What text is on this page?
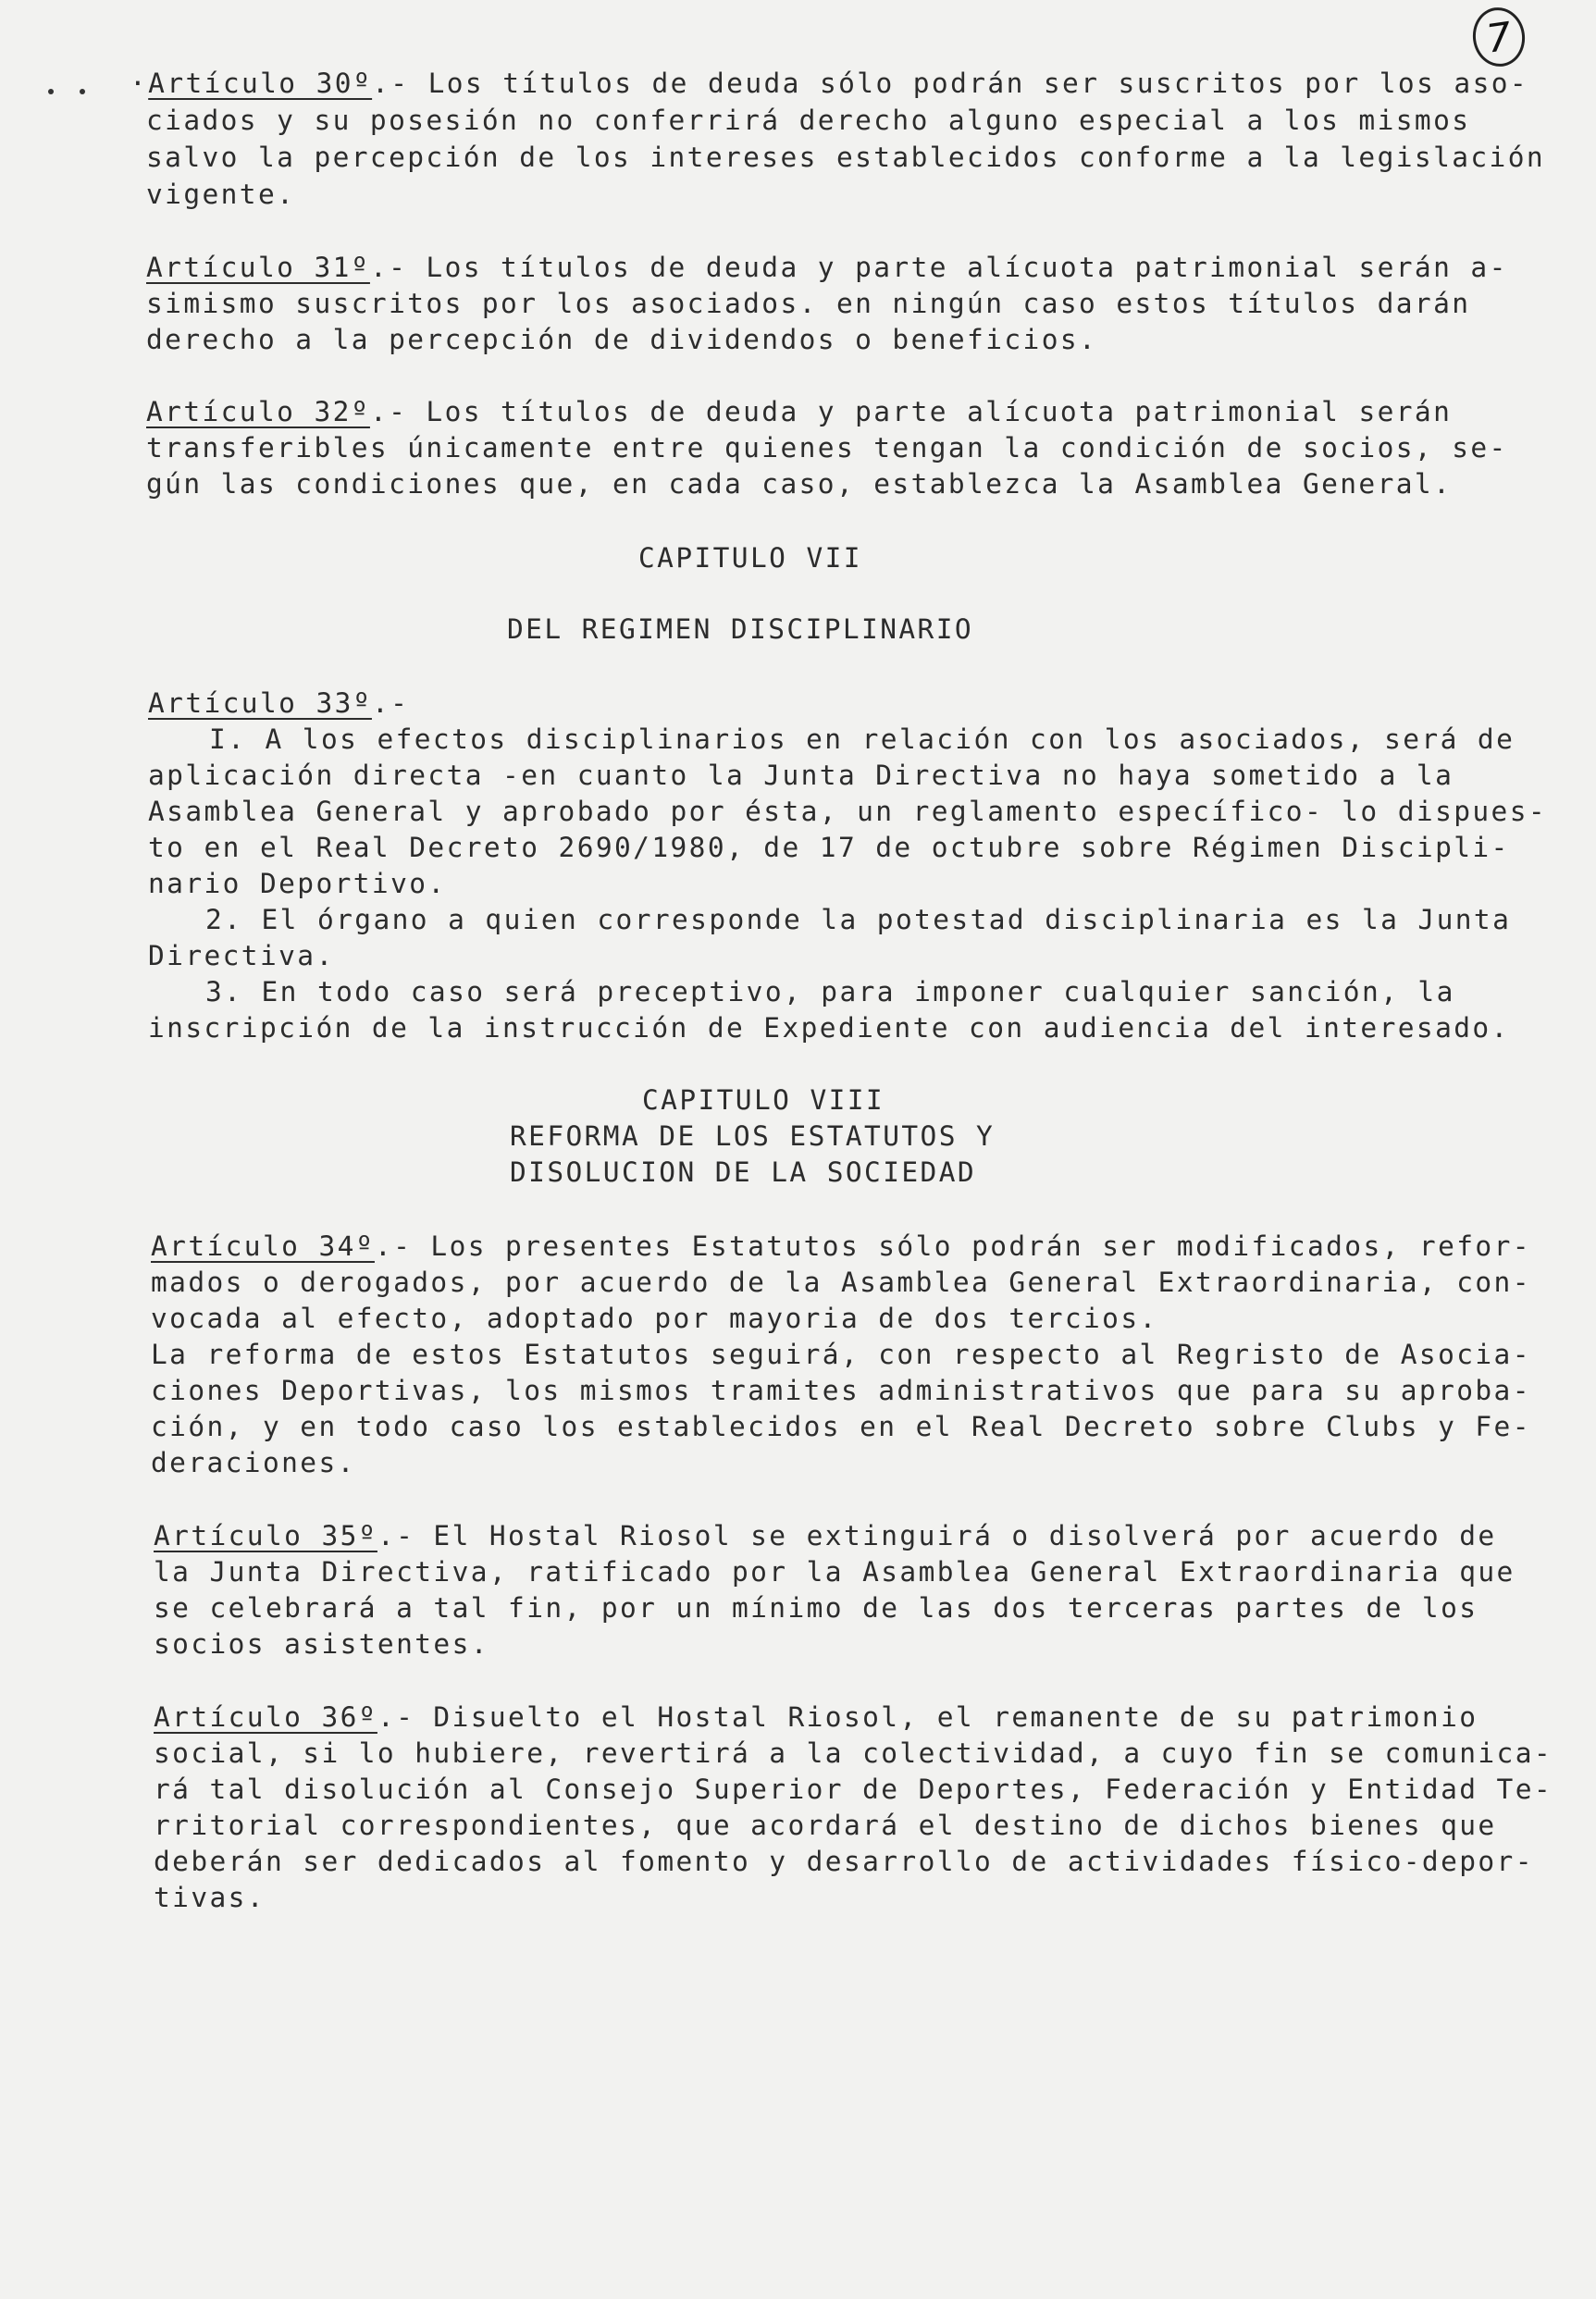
7
·Artículo 30º.- Los títulos de deuda sólo podrán ser suscritos por los aso-
ciados y su posesión no conferrirá derecho alguno especial a los mismos
salvo la percepción de los intereses establecidos conforme a la legislación
vigente.
Artículo 31º.- Los títulos de deuda y parte alícuota patrimonial serán a-
simismo suscritos por los asociados. en ningún caso estos títulos darán
derecho a la percepción de dividendos o beneficios.
Artículo 32º.- Los títulos de deuda y parte alícuota patrimonial serán
transferibles únicamente entre quienes tengan la condición de socios, se-
gún las condiciones que, en cada caso, establezca la Asamblea General.
CAPITULO VII
DEL REGIMEN DISCIPLINARIO
Artículo 33º.-
I. A los efectos disciplinarios en relación con los asociados, será de
aplicación directa -en cuanto la Junta Directiva no haya sometido a la
Asamblea General y aprobado por ésta, un reglamento específico- lo dispues-
to en el Real Decreto 2690/1980, de 17 de octubre sobre Régimen Discipli-
nario Deportivo.
2. El órgano a quien corresponde la potestad disciplinaria es la Junta
Directiva.
3. En todo caso será preceptivo, para imponer cualquier sanción, la
inscripción de la instrucción de Expediente con audiencia del interesado.
CAPITULO VIII
REFORMA DE LOS ESTATUTOS Y
DISOLUCION DE LA SOCIEDAD
Artículo 34º.- Los presentes Estatutos sólo podrán ser modificados, refor-
mados o derogados, por acuerdo de la Asamblea General Extraordinaria, con-
vocada al efecto, adoptado por mayoria de dos tercios.
La reforma de estos Estatutos seguirá, con respecto al Regristo de Asocia-
ciones Deportivas, los mismos tramites administrativos que para su aproba-
ción, y en todo caso los establecidos en el Real Decreto sobre Clubs y Fe-
deraciones.
Artículo 35º.- El Hostal Riosol se extinguirá o disolverá por acuerdo de
la Junta Directiva, ratificado por la Asamblea General Extraordinaria que
se celebrará a tal fin, por un mínimo de las dos terceras partes de los
socios asistentes.
Artículo 36º.- Disuelto el Hostal Riosol, el remanente de su patrimonio
social, si lo hubiere, revertirá a la colectividad, a cuyo fin se comunica-
rá tal disolución al Consejo Superior de Deportes, Federación y Entidad Te-
rritorial correspondientes, que acordará el destino de dichos bienes que
deberán ser dedicados al fomento y desarrollo de actividades físico-depor-
tivas.
